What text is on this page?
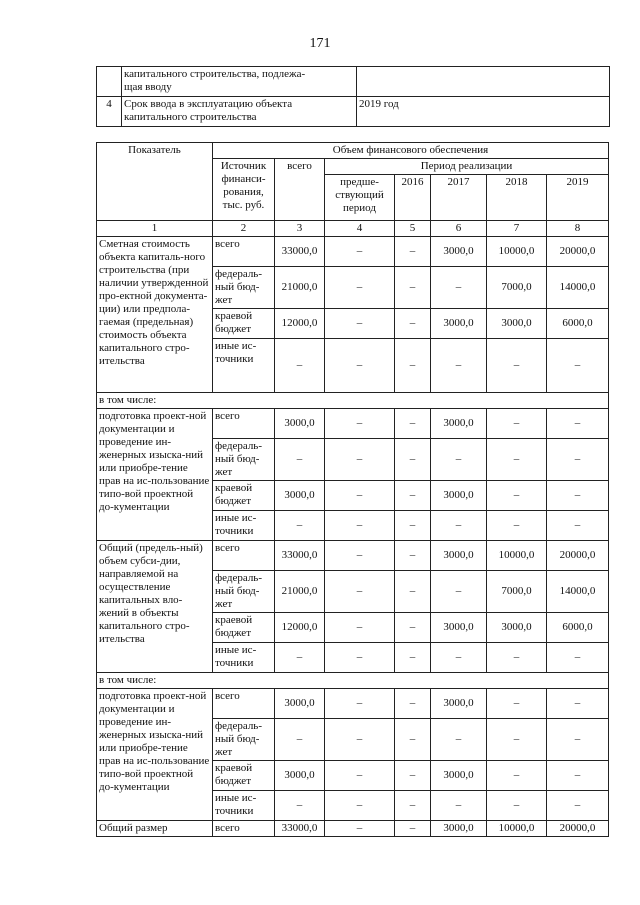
171
	капитального строительства, подлежа-
щая вводу	
4	Срок ввода в эксплуатацию объекта
капитального строительства	2019 год
Показатель	Объем финансового обеспечения						
	Источник финанси-рования, тыс. руб.	всего	Период реализации				
			предше-ствующий период	2016	2017	2018	2019
1	2	3	4	5	6	7	8
Сметная стоимость объекта капиталь-ного строительства (при наличии утвержденной про-ектной документа-ции) или предпола-гаемая (предельная) стоимость объекта капитального стро-ительства	всего	33000,0	–	–	3000,0	10000,0	20000,0
	федераль-ный бюд-жет	21000,0	–	–	–	7000,0	14000,0
	краевой бюджет	12000,0	–	–	3000,0	3000,0	6000,0
	иные ис-точники	–	–	–	–	–	–
в том числе:							
подготовка проект-ной документации и проведение ин-женерных изыска-ний или приобре-тение прав на ис-пользование типо-вой проектной до-кументации	всего	3000,0	–	–	3000,0	–	–
	федераль-ный бюд-жет	–	–	–	–	–	–
	краевой бюджет	3000,0	–	–	3000,0	–	–
	иные ис-точники	–	–	–	–	–	–
Общий (предель-ный) объем субси-дии, направляемой на осуществление капитальных вло-жений в объекты капитального стро-ительства	всего	33000,0	–	–	3000,0	10000,0	20000,0
	федераль-ный бюд-жет	21000,0	–	–	–	7000,0	14000,0
	краевой бюджет	12000,0	–	–	3000,0	3000,0	6000,0
	иные ис-точники	–	–	–	–	–	–
в том числе:							
подготовка проект-ной документации и проведение ин-женерных изыска-ний или приобре-тение прав на ис-пользование типо-вой проектной до-кументации	всего	3000,0	–	–	3000,0	–	–
	федераль-ный бюд-жет	–	–	–	–	–	–
	краевой бюджет	3000,0	–	–	3000,0	–	–
	иные ис-точники	–	–	–	–	–	–
Общий размер	всего	33000,0	–	–	3000,0	10000,0	20000,0
